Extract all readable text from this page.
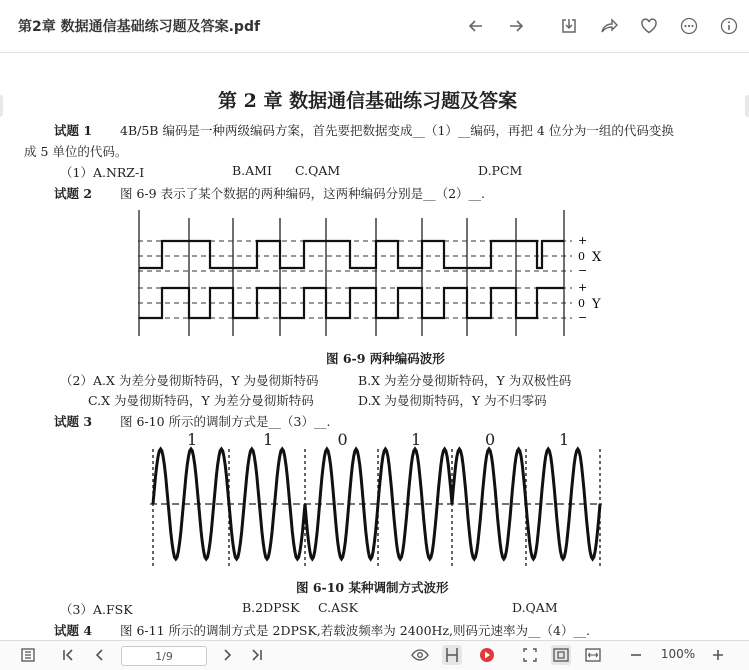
第2章 数据通信基础练习题及答案.pdf
第 2 章 数据通信基础练习题及答案
试题 1 4B/5B 编码是一种两级编码方案，首先要把数据变成__（1）__编码，再把 4 位分为一组的代码变换
成 5 单位的代码。
（1）A.NRZ-I	B.AMI C.QAM	D.PCM
试题 2 图 6-9 表示了某个数据的两种编码，这两种编码分别是__（2）__.
+
−
0 X
+
−
0 Y
图 6-9 两种编码波形
（2）A.X 为差分曼彻斯特码，Y 为曼彻斯特码	B.X 为差分曼彻斯特码，Y 为双极性码
C.X 为曼彻斯特码，Y 为差分曼彻斯特码	D.X 为曼彻斯特码，Y 为不归零码
试题 3 图 6-10 所示的调制方式是__（3）__.
1	1	0	1	0	1
图 6-10 某种调制方式波形
（3）A.FSK	B.2DPSK C.ASK	D.QAM
试题 4 图 6-11 所示的调制方式是 2DPSK,若载波频率为 2400Hz,则码元速率为__（4）__.
1/9	100%
